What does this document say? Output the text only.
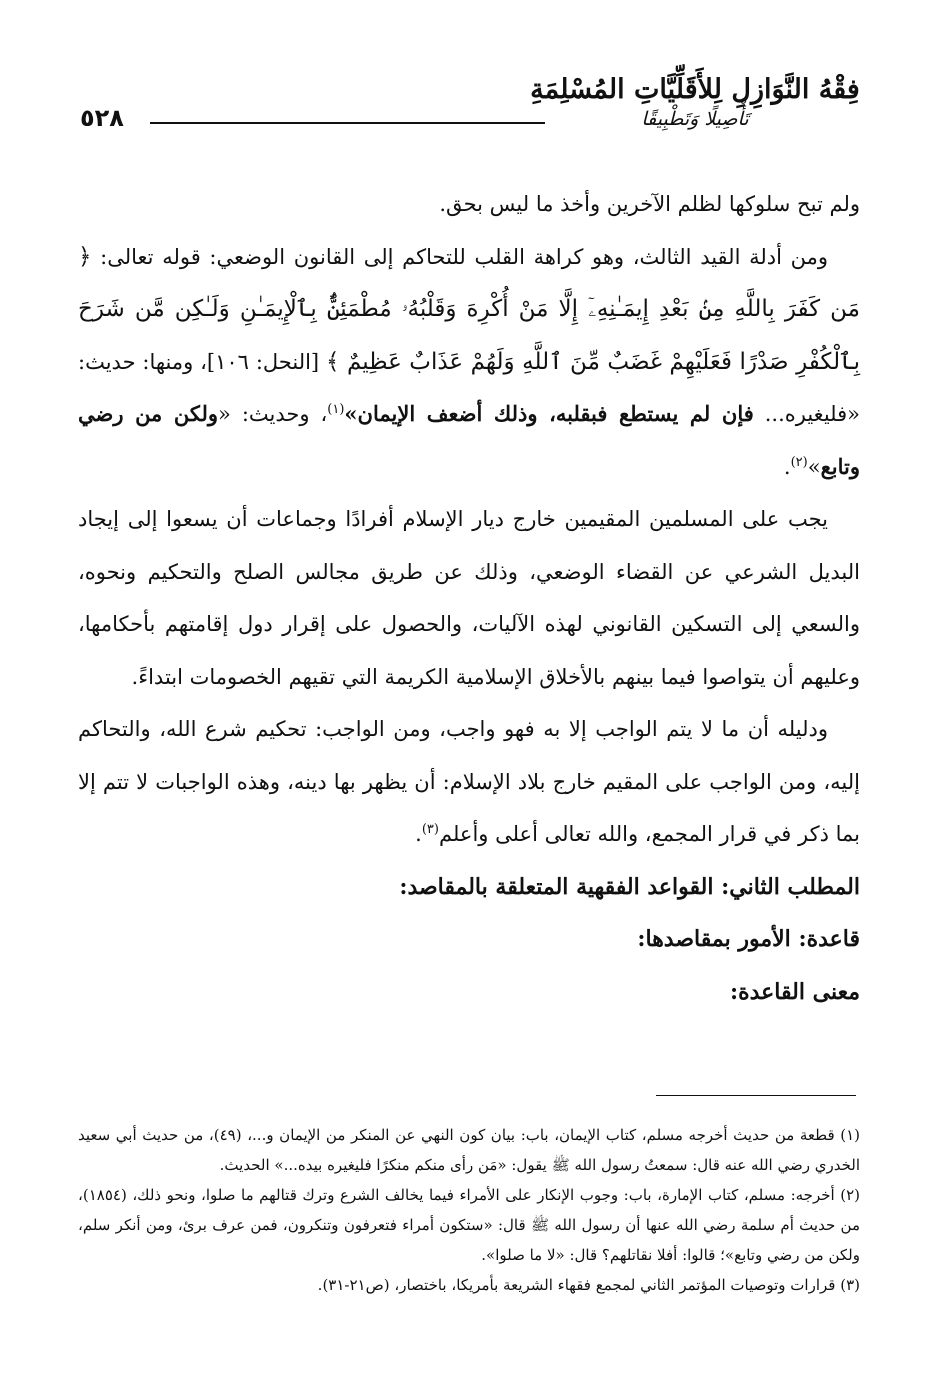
٥٢٨
فِقْهُ النَّوَازِلِ لِلأَقَلِّيَّاتِ المُسْلِمَةِ
تَأْصِيلًا وَتَطْبِيقًا

ولم تبح سلوكها لظلم الآخرين وأخذ ما ليس بحق.

ومن أدلة القيد الثالث، وهو كراهة القلب للتحاكم إلى القانون الوضعي: قوله تعالى: ﴿ مَن كَفَرَ بِاللَّهِ مِنۢ بَعْدِ إِيمَـٰنِهِۦٓ إِلَّا مَنْ أُكْرِهَ وَقَلْبُهُۥ مُطْمَئِنٌّۢ بِٱلْإِيمَـٰنِ وَلَـٰكِن مَّن شَرَحَ بِٱلْكُفْرِ صَدْرًا فَعَلَيْهِمْ غَضَبٌ مِّنَ ٱللَّهِ وَلَهُمْ عَذَابٌ عَظِيمٌ ﴾ [النحل: ١٠٦]، ومنها: حديث: «فليغيره... فإن لم يستطع فبقلبه، وذلك أضعف الإيمان»$^{(١)}$، وحديث: «ولكن من رضي وتابع»$^{(٢)}$.

يجب على المسلمين المقيمين خارج ديار الإسلام أفرادًا وجماعات أن يسعوا إلى إيجاد البديل الشرعي عن القضاء الوضعي، وذلك عن طريق مجالس الصلح والتحكيم ونحوه، والسعي إلى التسكين القانوني لهذه الآليات، والحصول على إقرار دول إقامتهم بأحكامها، وعليهم أن يتواصوا فيما بينهم بالأخلاق الإسلامية الكريمة التي تقيهم الخصومات ابتداءً.

ودليله أن ما لا يتم الواجب إلا به فهو واجب، ومن الواجب: تحكيم شرع الله، والتحاكم إليه، ومن الواجب على المقيم خارج بلاد الإسلام: أن يظهر بها دينه، وهذه الواجبات لا تتم إلا بما ذكر في قرار المجمع، والله تعالى أعلى وأعلم$^{(٣)}$.

المطلب الثاني: القواعد الفقهية المتعلقة بالمقاصد:

قاعدة: الأمور بمقاصدها:

معنى القاعدة:

(١) قطعة من حديث أخرجه مسلم، كتاب الإيمان، باب: بيان كون النهي عن المنكر من الإيمان و...، (٤٩)، من حديث أبي سعيد الخدري رضي الله عنه قال: سمعتُ رسول الله ﷺ يقول: «مَن رأى منكم منكرًا فليغيره بيده...» الحديث.

(٢) أخرجه: مسلم، كتاب الإمارة، باب: وجوب الإنكار على الأمراء فيما يخالف الشرع وترك قتالهم ما صلوا، ونحو ذلك، (١٨٥٤)، من حديث أم سلمة رضي الله عنها أن رسول الله ﷺ قال: «ستكون أمراء فتعرفون وتنكرون، فمن عرف برئ، ومن أنكر سلم، ولكن من رضي وتابع»؛ قالوا: أفلا نقاتلهم؟ قال: «لا ما صلوا».

(٣) قرارات وتوصيات المؤتمر الثاني لمجمع فقهاء الشريعة بأمريكا، باختصار، (ص٢١-٣١).
